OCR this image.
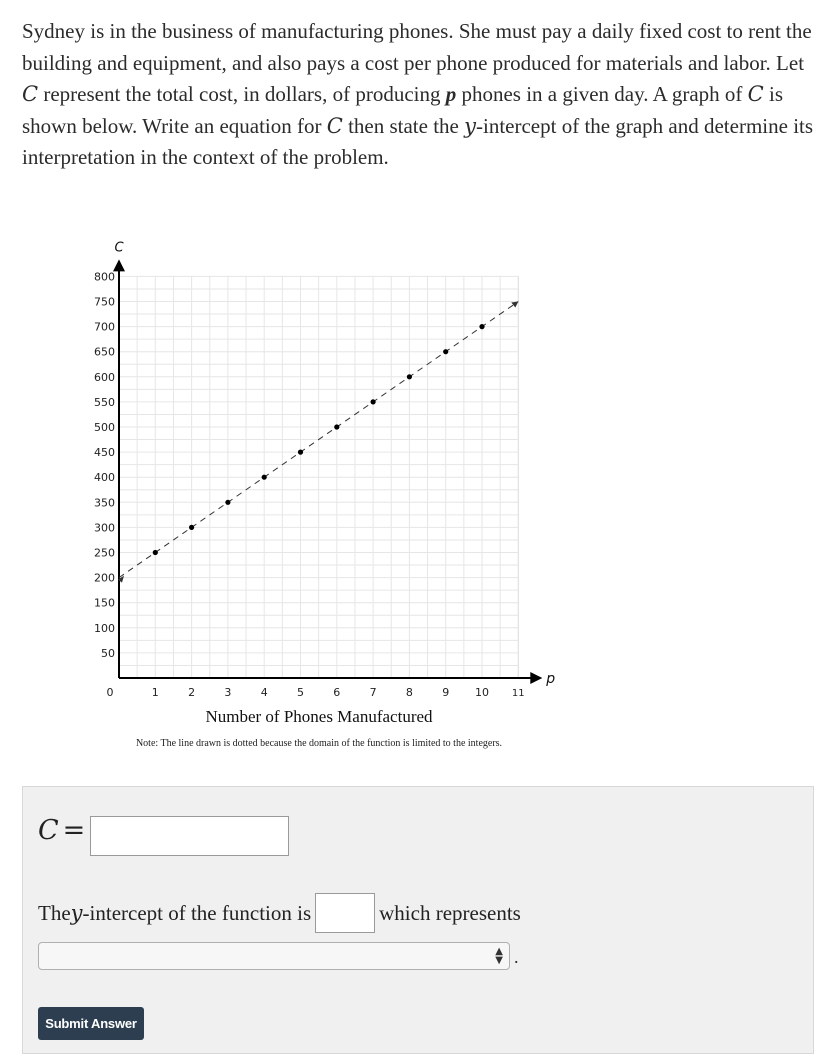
Sydney is in the business of manufacturing phones. She must pay a daily fixed cost to rent the building and equipment, and also pays a cost per phone produced for materials and labor. Let C represent the total cost, in dollars, of producing p phones in a given day. A graph of C is shown below. Write an equation for C then state the y-intercept of the graph and determine its interpretation in the context of the problem.

C
p
50
100
150
200
250
300
350
400
450
500
550
600
650
700
750
800
0	1	2	3	4	5	6	7	8	9 10 11
Number of Phones Manufactured
Note: The line drawn is dotted because the domain of the function is limited to the integers.
C =
The y -intercept of the function is	which represents
▲
▼ .
Submit Answer
